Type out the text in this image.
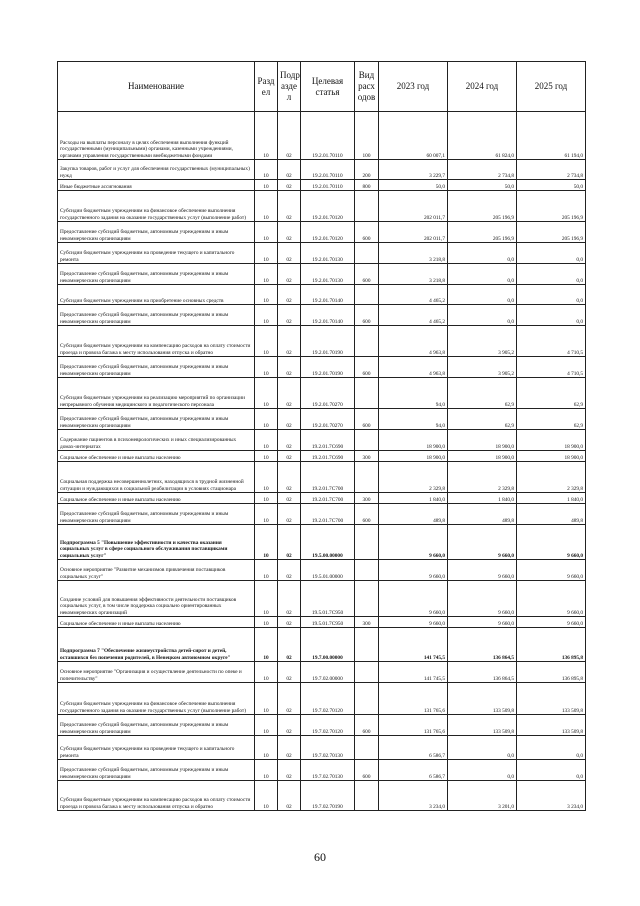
Наименование	Разд ел	Подр азде л	Целевая статья	Вид расх одов	2023 год	2024 год	2025 год
Расходы на выплаты персоналу в целях обеспечения выполнения функций государственными (муниципальными) органами, казенными учреждениями, органами управления государственными внебюджетными фондами	10	02	19.2.01.70110	100	60 007,1	61 824,0	61 194,0
Закупка товаров, работ и услуг для обеспечения государственных (муниципальных) нужд	10	02	19.2.01.70110	200	3 229,7	2 734,8	2 734,8
Иные бюджетные ассигнования	10	02	19.2.01.70110	800	50,0	50,0	50,0
Субсидии бюджетным учреждениям на финансовое обеспечение выполнения государственного задания на оказание государственных услуг (выполнение работ)	10	02	19.2.01.70120		202 011,7	205 196,9	205 196,9
Предоставление субсидий бюджетным, автономным учреждениям и иным некоммерческим организациям	10	02	19.2.01.70120	600	202 011,7	205 196,9	205 196,9
Субсидии бюджетным учреждениям на проведение текущего и капитального ремонта	10	02	19.2.01.70130		3 218,8	0,0	0,0
Предоставление субсидий бюджетным, автономным учреждениям и иным некоммерческим организациям	10	02	19.2.01.70130	600	3 218,8	0,0	0,0
Субсидии бюджетным учреждениям на приобретение основных средств	10	02	19.2.01.70140		4 465,2	0,0	0,0
Предоставление субсидий бюджетным, автономным учреждениям и иным некоммерческим организациям	10	02	19.2.01.70140	600	4 465,2	0,0	0,0
Субсидии бюджетным учреждениям на компенсацию расходов на оплату стоимости проезда и провоза багажа к месту использования отпуска и обратно	10	02	19.2.01.70190		4 963,8	3 905,2	4 710,5
Предоставление субсидий бюджетным, автономным учреждениям и иным некоммерческим организациям	10	02	19.2.01.70190	600	4 963,8	3 905,2	4 710,5
Субсидии бюджетным учреждениям на реализацию мероприятий по организации непрерывного обучения медицинского и педагогического персонала	10	02	19.2.01.70270		94,0	62,9	62,9
Предоставление субсидий бюджетным, автономным учреждениям и иным некоммерческим организациям	10	02	19.2.01.70270	600	94,0	62,9	62,9
Содержание пациентов в психоневрологических и иных специализированных домах-интернатах	10	02	19.2.01.7C690		18 900,0	18 900,0	18 900,0
Социальное обеспечение и иные выплаты населению	10	02	19.2.01.7C690	300	18 900,0	18 900,0	18 900,0
Социальная поддержка несовершеннолетних, находящихся в трудной жизненной ситуации и нуждающихся в социальной реабилитации в условиях стационара	10	02	19.2.01.7C700		2 329,8	2 329,8	2 329,8
Социальное обеспечение и иные выплаты населению	10	02	19.2.01.7C700	300	1 840,0	1 840,0	1 840,0
Предоставление субсидий бюджетным, автономным учреждениям и иным некоммерческим организациям	10	02	19.2.01.7C700	600	489,8	489,8	489,8
Подпрограмма 5 "Повышение эффективности и качества оказания социальных услуг в сфере социального обслуживания поставщиками социальных услуг"	10	02	19.5.00.00000		9 660,0	9 660,0	9 660,0
Основное мероприятие "Развитие механизмов привлечения поставщиков социальных услуг"	10	02	19.5.01.00000		9 660,0	9 660,0	9 660,0
Создание условий для повышения эффективности деятельности поставщиков социальных услуг, в том числе поддержка социально ориентированных некоммерческих организаций	10	02	19.5.01.7C950		9 660,0	9 660,0	9 660,0
Социальное обеспечение и иные выплаты населению	10	02	19.5.01.7C950	300	9 660,0	9 660,0	9 660,0
Подпрограмма 7 "Обеспечение жизнеустройства детей-сирот и детей, оставшихся без попечения родителей, в Ненецком автономном округе"	10	02	19.7.00.00000		141 745,5	136 864,5	136 895,8
Основное мероприятие "Организация и осуществление деятельности по опеке и попечительству"	10	02	19.7.02.00000		141 745,5	136 864,5	136 895,8
Субсидии бюджетным учреждениям на финансовое обеспечение выполнения государственного задания на оказание государственных услуг (выполнение работ)	10	02	19.7.02.70120		131 765,6	133 509,8	133 509,8
Предоставление субсидий бюджетным, автономным учреждениям и иным некоммерческим организациям	10	02	19.7.02.70120	600	131 765,6	133 509,8	133 509,8
Субсидии бюджетным учреждениям на проведение текущего и капитального ремонта	10	02	19.7.02.70130		6 586,7	0,0	0,0
Предоставление субсидий бюджетным, автономным учреждениям и иным некоммерческим организациям	10	02	19.7.02.70130	600	6 586,7	0,0	0,0
Субсидии бюджетным учреждениям на компенсацию расходов на оплату стоимости проезда и провоза багажа к месту использования отпуска и обратно	10	02	19.7.02.70190		3 234,0	3 201,0	3 234,0
60
